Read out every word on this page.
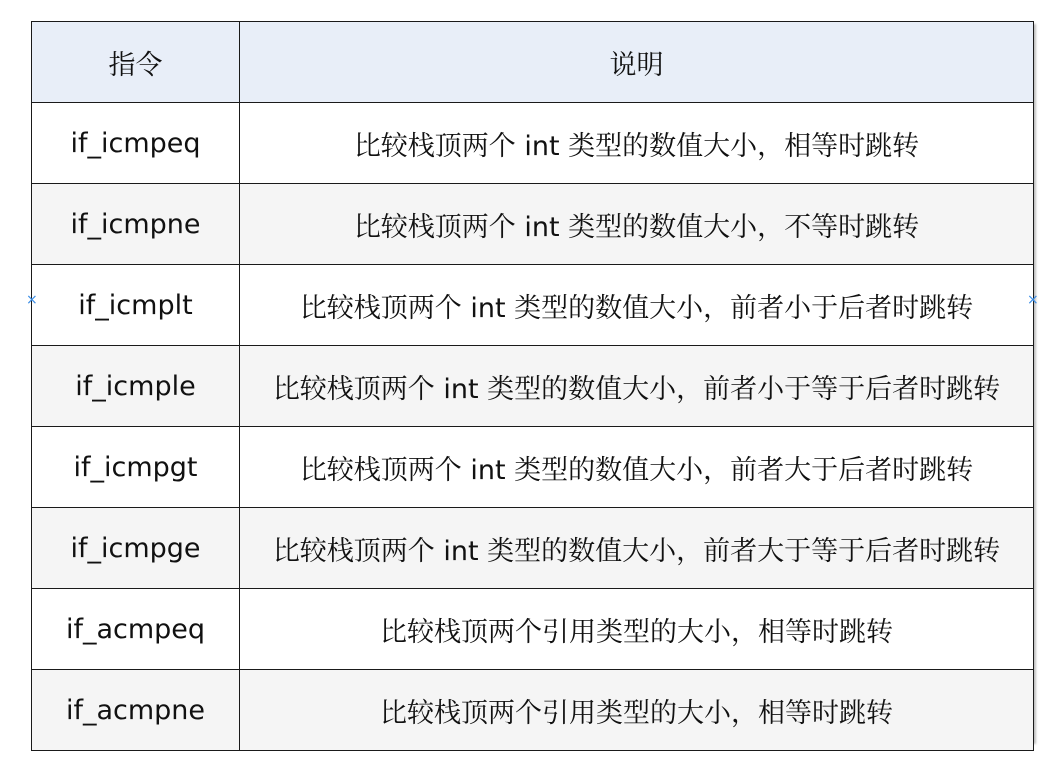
指令	说明
if_icmpeq	比较栈顶两个 int 类型的数值大小，相等时跳转
if_icmpne	比较栈顶两个 int 类型的数值大小，不等时跳转
if_icmplt	比较栈顶两个 int 类型的数值大小，前者小于后者时跳转
if_icmple	比较栈顶两个 int 类型的数值大小，前者小于等于后者时跳转
if_icmpgt	比较栈顶两个 int 类型的数值大小，前者大于后者时跳转
if_icmpge	比较栈顶两个 int 类型的数值大小，前者大于等于后者时跳转
if_acmpeq	比较栈顶两个引用类型的大小，相等时跳转
if_acmpne	比较栈顶两个引用类型的大小，相等时跳转
×	×
